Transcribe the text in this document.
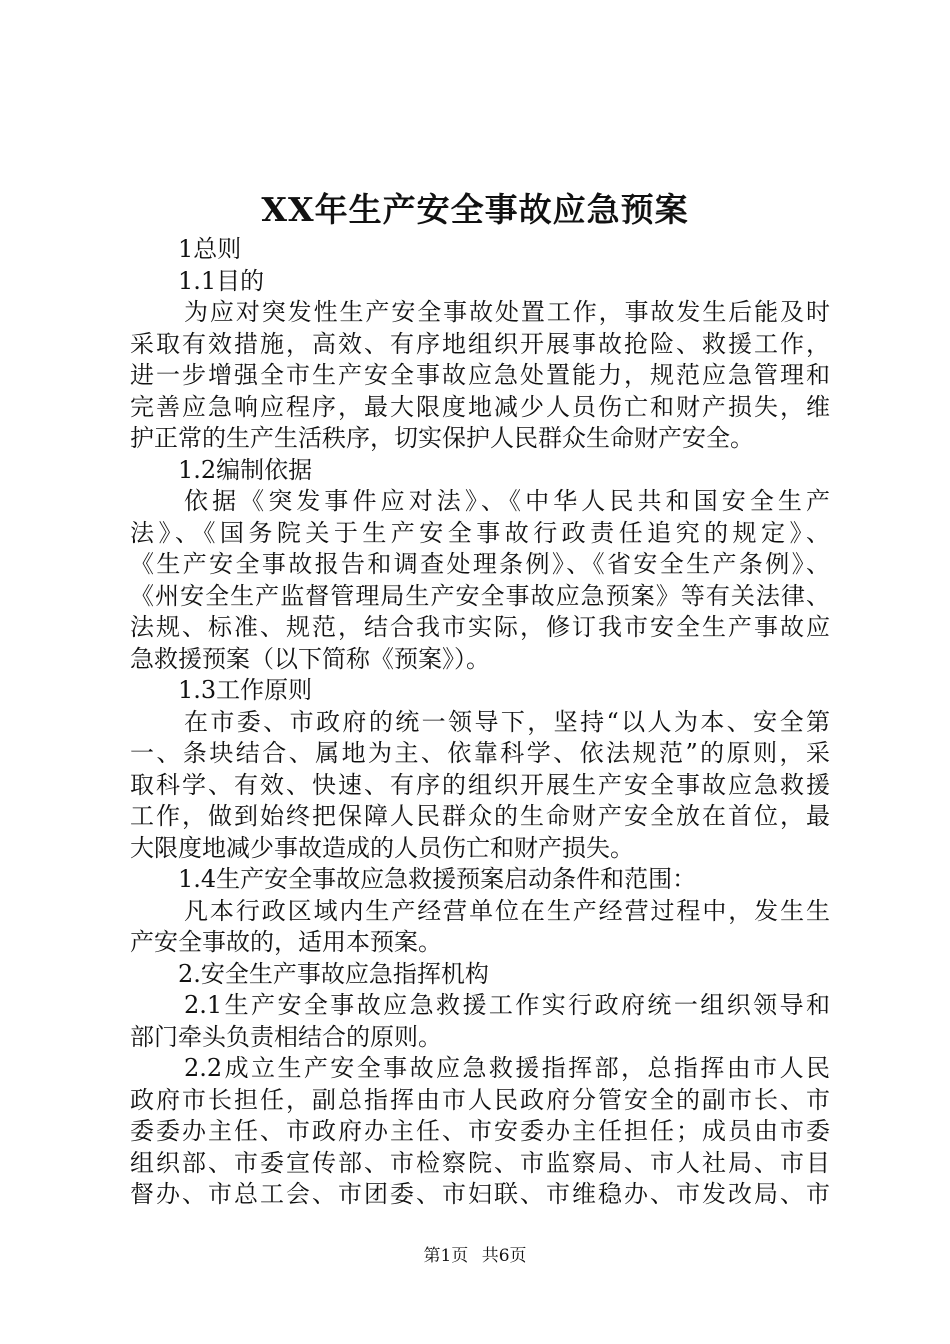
XX年生产安全事故应急预案
1总则
1.1目的
为应对突发性生产安全事故处置工作，事故发生后能及时
采取有效措施，高效、有序地组织开展事故抢险、救援工作，
进一步增强全市生产安全事故应急处置能力，规范应急管理和
完善应急响应程序，最大限度地减少人员伤亡和财产损失，维
护正常的生产生活秩序，切实保护人民群众生命财产安全。
1.2编制依据
依据《突发事件应对法》、《中华人民共和国安全生产
法》、《国务院关于生产安全事故行政责任追究的规定》、
《生产安全事故报告和调查处理条例》、《省安全生产条例》、
《州安全生产监督管理局生产安全事故应急预案》等有关法律、
法规、标准、规范，结合我市实际，修订我市安全生产事故应
急救援预案（以下简称《预案》）。
1.3工作原则
在市委、市政府的统一领导下，坚持“以人为本、安全第
一、条块结合、属地为主、依靠科学、依法规范”的原则，采
取科学、有效、快速、有序的组织开展生产安全事故应急救援
工作，做到始终把保障人民群众的生命财产安全放在首位，最
大限度地减少事故造成的人员伤亡和财产损失。
1.4生产安全事故应急救援预案启动条件和范围：
凡本行政区域内生产经营单位在生产经营过程中，发生生
产安全事故的，适用本预案。
2.安全生产事故应急指挥机构
2.1生产安全事故应急救援工作实行政府统一组织领导和
部门牵头负责相结合的原则。
2.2成立生产安全事故应急救援指挥部，总指挥由市人民
政府市长担任，副总指挥由市人民政府分管安全的副市长、市
委委办主任、市政府办主任、市安委办主任担任；成员由市委
组织部、市委宣传部、市检察院、市监察局、市人社局、市目
督办、市总工会、市团委、市妇联、市维稳办、市发改局、市
第1页 共6页
